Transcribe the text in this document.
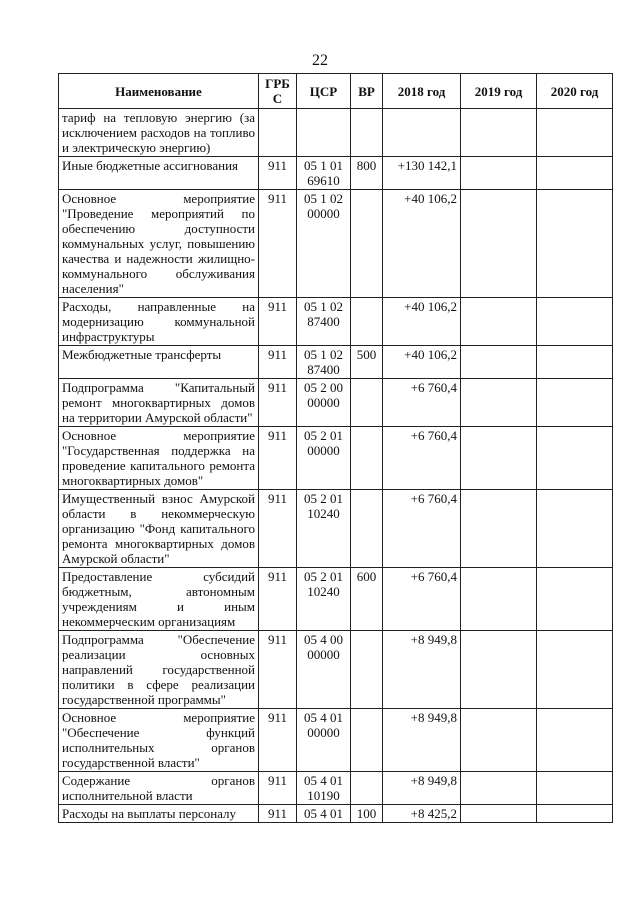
22
Наименование	ГРБ С	ЦСР	ВР	2018 год	2019 год	2020 год
тариф на тепловую энергию (за исключением расходов на топливо и электрическую энергию)						
Иные бюджетные ассигнования	911	05 1 01 69610	800	+130 142,1		
Основное мероприятие "Проведение мероприятий по обеспечению доступности коммунальных услуг, повышению качества и надежности жилищно-коммунального обслуживания населения"	911	05 1 02 00000		+40 106,2		
Расходы, направленные на модернизацию коммунальной инфраструктуры	911	05 1 02 87400		+40 106,2		
Межбюджетные трансферты	911	05 1 02 87400	500	+40 106,2		
Подпрограмма "Капитальный ремонт многоквартирных домов на территории Амурской области"	911	05 2 00 00000		+6 760,4		
Основное мероприятие "Государственная поддержка на проведение капитального ремонта многоквартирных домов"	911	05 2 01 00000		+6 760,4		
Имущественный взнос Амурской области в некоммерческую организацию "Фонд капитального ремонта многоквартирных домов Амурской области"	911	05 2 01 10240		+6 760,4		
Предоставление субсидий бюджетным, автономным учреждениям и иным некоммерческим организациям	911	05 2 01 10240	600	+6 760,4		
Подпрограмма "Обеспечение реализации основных направлений государственной политики в сфере реализации государственной программы"	911	05 4 00 00000		+8 949,8		
Основное мероприятие "Обеспечение функций исполнительных органов государственной власти"	911	05 4 01 00000		+8 949,8		
Содержание органов исполнительной власти	911	05 4 01 10190		+8 949,8		
Расходы на выплаты персоналу	911	05 4 01	100	+8 425,2		
